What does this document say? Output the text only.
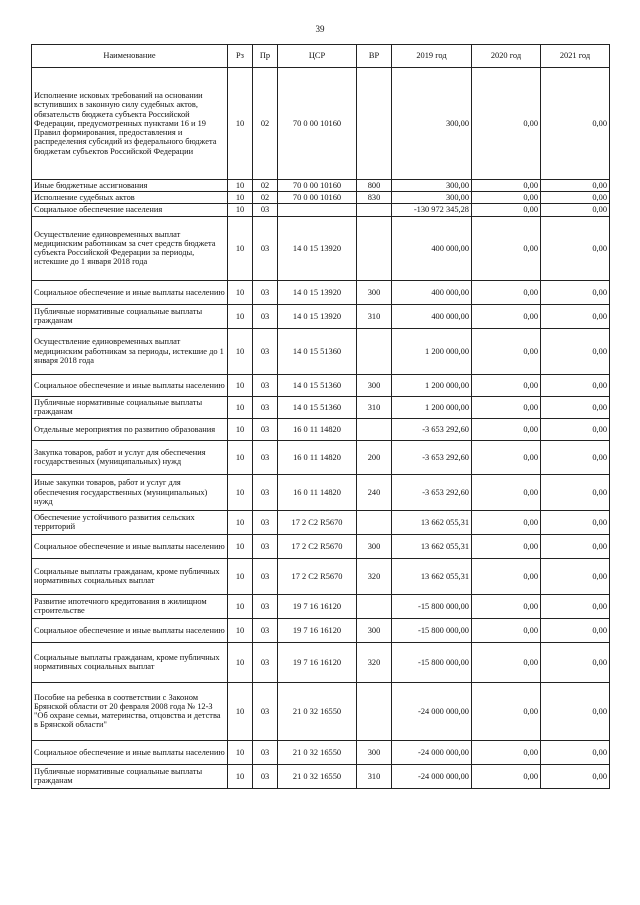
39
Наименование	Рз	Пр	ЦСР	ВР	2019 год	2020 год	2021 год
Исполнение исковых требований на основании вступивших в законную силу судебных актов, обязательств бюджета субъекта Российской Федерации, предусмотренных пунктами 16 и 19 Правил формирования, предоставления и распределения субсидий из федерального бюджета бюджетам субъектов Российской Федерации	10	02	70 0 00 10160		300,00	0,00	0,00
Иные бюджетные ассигнования	10	02	70 0 00 10160	800	300,00	0,00	0,00
Исполнение судебных актов	10	02	70 0 00 10160	830	300,00	0,00	0,00
Социальное обеспечение населения	10	03			-130 972 345,28	0,00	0,00
Осуществление единовременных выплат медицинским работникам за счет средств бюджета субъекта Российской Федерации за периоды, истекшие до 1 января 2018 года	10	03	14 0 15 13920		400 000,00	0,00	0,00
Социальное обеспечение и иные выплаты населению	10	03	14 0 15 13920	300	400 000,00	0,00	0,00
Публичные нормативные социальные выплаты гражданам	10	03	14 0 15 13920	310	400 000,00	0,00	0,00
Осуществление единовременных выплат медицинским работникам за периоды, истекшие до 1 января 2018 года	10	03	14 0 15 51360		1 200 000,00	0,00	0,00
Социальное обеспечение и иные выплаты населению	10	03	14 0 15 51360	300	1 200 000,00	0,00	0,00
Публичные нормативные социальные выплаты гражданам	10	03	14 0 15 51360	310	1 200 000,00	0,00	0,00
Отдельные мероприятия по развитию образования	10	03	16 0 11 14820		-3 653 292,60	0,00	0,00
Закупка товаров, работ и услуг для обеспечения государственных (муниципальных) нужд	10	03	16 0 11 14820	200	-3 653 292,60	0,00	0,00
Иные закупки товаров, работ и услуг для обеспечения государственных (муниципальных) нужд	10	03	16 0 11 14820	240	-3 653 292,60	0,00	0,00
Обеспечение устойчивого развития сельских территорий	10	03	17 2 C2 R5670		13 662 055,31	0,00	0,00
Социальное обеспечение и иные выплаты населению	10	03	17 2 C2 R5670	300	13 662 055,31	0,00	0,00
Социальные выплаты гражданам, кроме публичных нормативных социальных выплат	10	03	17 2 C2 R5670	320	13 662 055,31	0,00	0,00
Развитие ипотечного кредитования в жилищном строительстве	10	03	19 7 16 16120		-15 800 000,00	0,00	0,00
Социальное обеспечение и иные выплаты населению	10	03	19 7 16 16120	300	-15 800 000,00	0,00	0,00
Социальные выплаты гражданам, кроме публичных нормативных социальных выплат	10	03	19 7 16 16120	320	-15 800 000,00	0,00	0,00
Пособие на ребенка в соответствии с Законом Брянской области от 20 февраля 2008 года № 12-З "Об охране семьи, материнства, отцовства и детства в Брянской области"	10	03	21 0 32 16550		-24 000 000,00	0,00	0,00
Социальное обеспечение и иные выплаты населению	10	03	21 0 32 16550	300	-24 000 000,00	0,00	0,00
Публичные нормативные социальные выплаты гражданам	10	03	21 0 32 16550	310	-24 000 000,00	0,00	0,00
